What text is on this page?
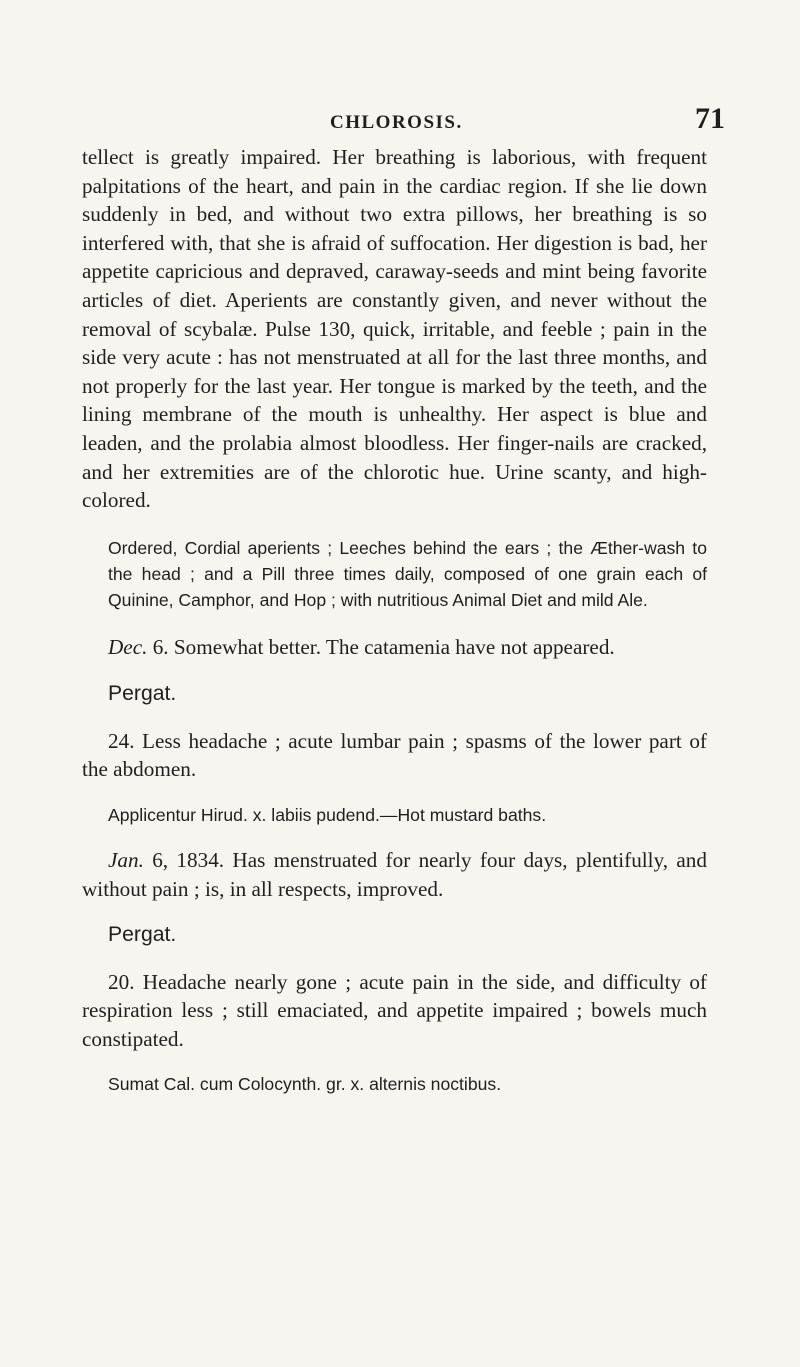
CHLOROSIS.	71

tellect is greatly impaired. Her breathing is laborious, with frequent palpitations of the heart, and pain in the cardiac region. If she lie down suddenly in bed, and without two extra pillows, her breathing is so interfered with, that she is afraid of suffocation. Her digestion is bad, her appetite capricious and depraved, caraway-seeds and mint being favorite articles of diet. Aperients are constantly given, and never without the removal of scybalæ. Pulse 130, quick, irritable, and feeble ; pain in the side very acute : has not menstruated at all for the last three months, and not properly for the last year. Her tongue is marked by the teeth, and the lining membrane of the mouth is unhealthy. Her aspect is blue and leaden, and the prolabia almost bloodless. Her finger-nails are cracked, and her extremities are of the chlorotic hue. Urine scanty, and high-colored.

Ordered, Cordial aperients ; Leeches behind the ears ; the Æther-wash to the head ; and a Pill three times daily, composed of one grain each of Quinine, Camphor, and Hop ; with nutritious Animal Diet and mild Ale.

Dec. 6. Somewhat better. The catamenia have not appeared.

Pergat.

24. Less headache ; acute lumbar pain ; spasms of the lower part of the abdomen.

Applicentur Hirud. x. labiis pudend.—Hot mustard baths.

Jan. 6, 1834. Has menstruated for nearly four days, plentifully, and without pain ; is, in all respects, improved.

Pergat.

20. Headache nearly gone ; acute pain in the side, and difficulty of respiration less ; still emaciated, and appetite impaired ; bowels much constipated.

Sumat Cal. cum Colocynth. gr. x. alternis noctibus.
